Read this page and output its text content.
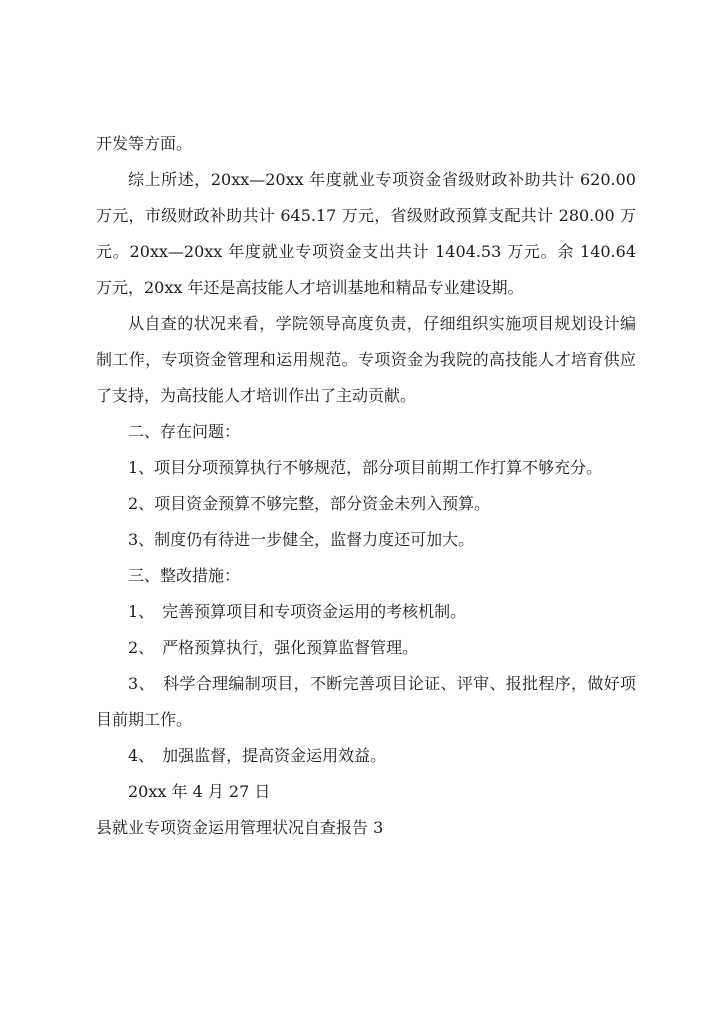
开发等方面。

综上所述，20xx—20xx 年度就业专项资金省级财政补助共计 620.00 万元，市级财政补助共计 645.17 万元，省级财政预算支配共计 280.00 万元。20xx—20xx 年度就业专项资金支出共计 1404.53 万元。余 140.64 万元，20xx 年还是高技能人才培训基地和精品专业建设期。

从自查的状况来看，学院领导高度负责，仔细组织实施项目规划设计编制工作，专项资金管理和运用规范。专项资金为我院的高技能人才培育供应了支持，为高技能人才培训作出了主动贡献。

二、存在问题：

1、项目分项预算执行不够规范，部分项目前期工作打算不够充分。

2、项目资金预算不够完整，部分资金未列入预算。

3、制度仍有待进一步健全，监督力度还可加大。

三、整改措施：

1、　完善预算项目和专项资金运用的考核机制。

2、　严格预算执行，强化预算监督管理。

3、　科学合理编制项目，不断完善项目论证、评审、报批程序，做好项目前期工作。

4、　加强监督，提高资金运用效益。

20xx 年 4 月 27 日

县就业专项资金运用管理状况自查报告 3
